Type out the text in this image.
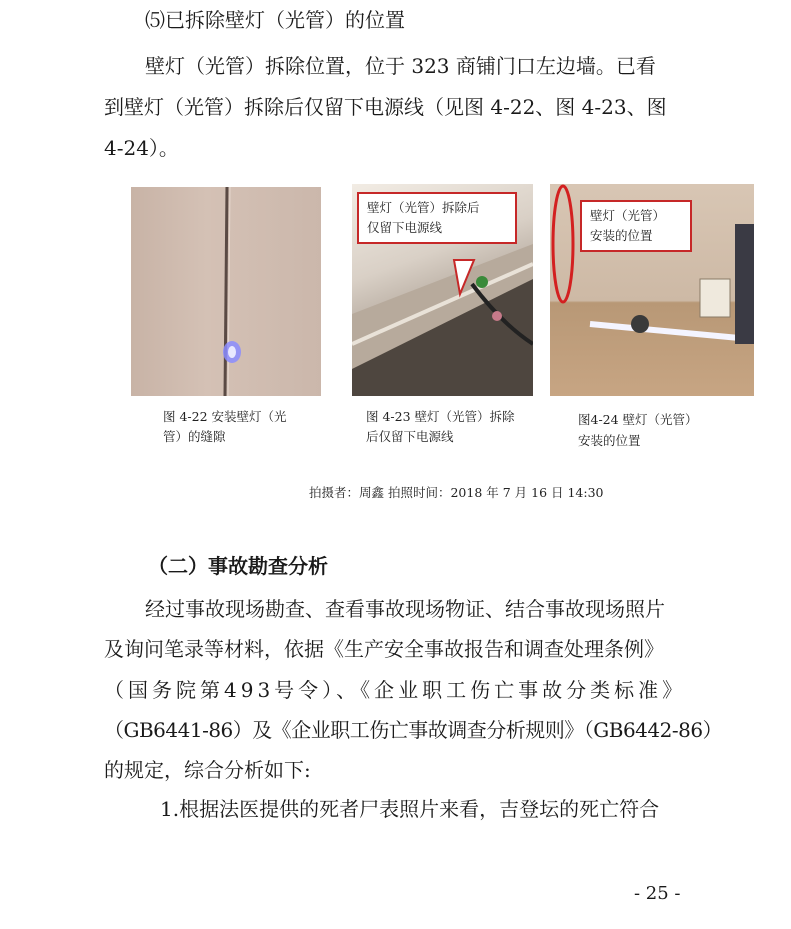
⑸已拆除壁灯（光管）的位置
壁灯（光管）拆除位置，位于 323 商铺门口左边墙。已看
到壁灯（光管）拆除后仅留下电源线（见图 4-22、图 4-23、图
4-24）。
壁灯（光管）拆除后
仅留下电源线
壁灯（光管）
安装的位置
图 4-22 安装壁灯（光
管）的缝隙
图 4-23 壁灯（光管）拆除
后仅留下电源线
图4-24 壁灯（光管）
安装的位置
拍摄者：周鑫 拍照时间：2018 年 7 月 16 日 14:30
（二）事故勘查分析
经过事故现场勘查、查看事故现场物证、结合事故现场照片
及询问笔录等材料，依据《生产安全事故报告和调查处理条例》
（国务院第493号令）、《企业职工伤亡事故分类标准》
（GB6441-86）及《企业职工伤亡事故调查分析规则》（GB6442-86）
的规定，综合分析如下:
1.根据法医提供的死者尸表照片来看，吉登坛的死亡符合
- 25 -
